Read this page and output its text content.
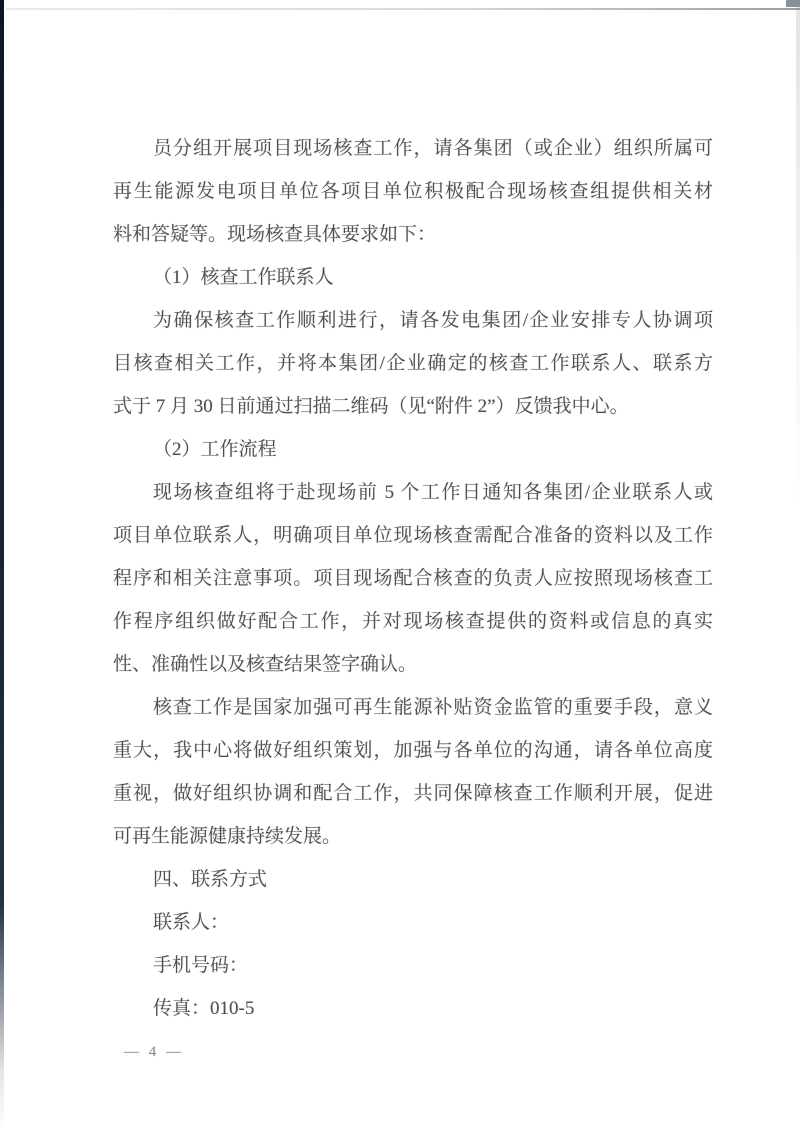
员分组开展项目现场核查工作，请各集团（或企业）组织所属可
再生能源发电项目单位各项目单位积极配合现场核查组提供相关材
料和答疑等。现场核查具体要求如下：
（1）核查工作联系人
为确保核查工作顺利进行，请各发电集团/企业安排专人协调项
目核查相关工作，并将本集团/企业确定的核查工作联系人、联系方
式于 7 月 30 日前通过扫描二维码（见“附件 2”）反馈我中心。
（2）工作流程
现场核查组将于赴现场前 5 个工作日通知各集团/企业联系人或
项目单位联系人，明确项目单位现场核查需配合准备的资料以及工作
程序和相关注意事项。项目现场配合核查的负责人应按照现场核查工
作程序组织做好配合工作，并对现场核查提供的资料或信息的真实
性、准确性以及核查结果签字确认。
核查工作是国家加强可再生能源补贴资金监管的重要手段，意义
重大，我中心将做好组织策划，加强与各单位的沟通，请各单位高度
重视，做好组织协调和配合工作，共同保障核查工作顺利开展，促进
可再生能源健康持续发展。
四、联系方式
联系人：
手机号码：
传真：010-5
— 4 —
